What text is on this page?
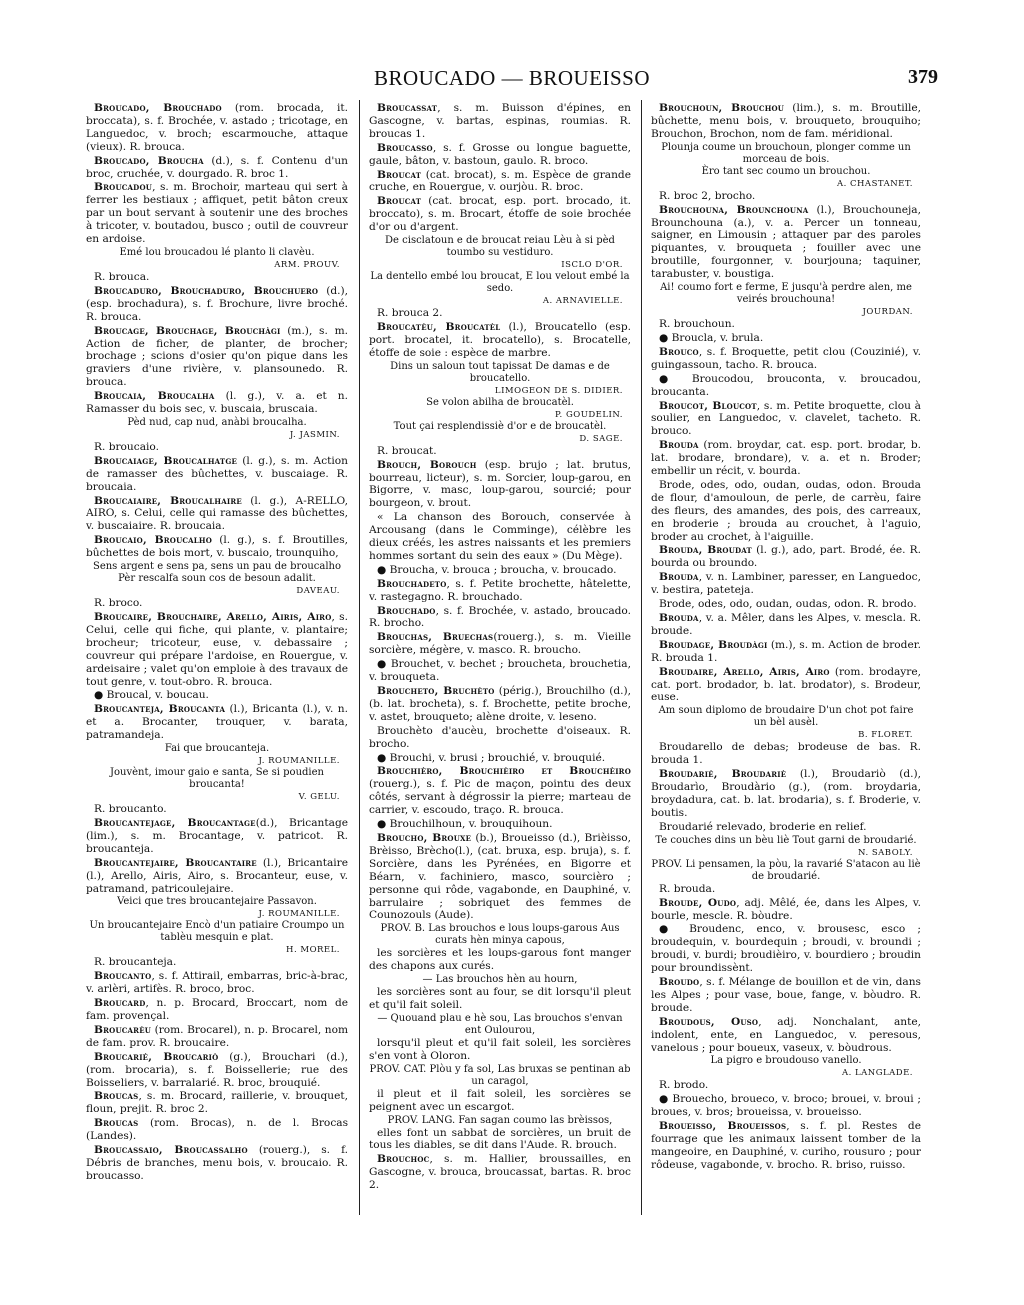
BROUCADO — BROUEISSO	379

Broucado, Brouchado (rom. brocada, it. broccata), s. f. Brochée, v. astado ; tricotage, en Languedoc, v. broch; escarmouche, attaque (vieux). R. brouca.

Broucado, Broucha (d.), s. f. Contenu d'un broc, cruchée, v. dourgado. R. broc 1.

Broucadou, s. m. Brochoir, marteau qui sert à ferrer les bestiaux ; affiquet, petit bâton creux par un bout servant à soutenir une des broches à tricoter, v. boutadou, busco ; outil de couvreur en ardoise.

Emé lou broucadou lé planto li clavèu.
ARM. PROUV.

R. brouca.

Broucaduro, Brouchaduro, Brouchuero (d.), (esp. brochadura), s. f. Brochure, livre broché. R. brouca.

Broucage, Brouchage, Brouchàgi (m.), s. m. Action de ficher, de planter, de brocher; brochage ; scions d'osier qu'on pique dans les graviers d'une rivière, v. plansounedo. R. brouca.

Broucaia, Broucalha (l. g.), v. a. et n. Ramasser du bois sec, v. buscaia, bruscaia.

Pèd nud, cap nud, anàbi broucalha.
J. JASMIN.

R. broucaio.

Broucaiage, Broucalhatge (l. g.), s. m. Action de ramasser des bûchettes, v. buscaiage. R. broucaia.

Broucaiaire, Broucalhaire (l. g.), A-RELLO, AIRO, s. Celui, celle qui ramasse des bûchettes, v. buscaiaire. R. broucaia.

Broucaio, Broucalho (l. g.), s. f. Broutilles, bûchettes de bois mort, v. buscaio, trounquiho,

Sens argent e sens pa, sens un pau de broucalho Pèr rescalfa soun cos de besoun adalit.
DAVEAU.

R. broco.

Broucaire, Brouchaire, Arello, Airis, Airo, s. Celui, celle qui fiche, qui plante, v. plantaire; brocheur; tricoteur, euse, v. debassaire ; couvreur qui prépare l'ardoise, en Rouergue, v. ardeisaire ; valet qu'on emploie à des travaux de tout genre, v. tout-obro. R. brouca.

● Broucal, v. boucau.

Broucanteja, Broucanta (l.), Bricanta (l.), v. n. et a. Brocanter, trouquer, v. barata, patramandeja.

Fai que broucanteja.
J. ROUMANILLE.

Jouvènt, imour gaio e santa, Se si poudien broucanta!
V. GELU.

R. broucanto.

Broucantejage, Broucantage(d.), Bricantage (lim.), s. m. Brocantage, v. patricot. R. broucanteja.

Broucantejaire, Broucantaire (l.), Bricantaire (l.), Arello, Airis, Airo, s. Brocanteur, euse, v. patramand, patricoulejaire.

Veici que tres broucantejaire Passavon.
J. ROUMANILLE.

Un broucantejaire Encò d'un patiaire Croumpo un tablèu mesquin e plat.
H. MOREL.

R. broucanteja.

Broucanto, s. f. Attirail, embarras, bric-à-brac, v. arlèri, artifès. R. broco, broc.

Broucard, n. p. Brocard, Broccart, nom de fam. provençal.

Broucarèu (rom. Brocarel), n. p. Brocarel, nom de fam. prov. R. broucaire.

Broucarié, Broucariò (g.), Brouchari (d.), (rom. brocaria), s. f. Boissellerie; rue des Boisseliers, v. barralarié. R. broc, brouquié.

Broucas, s. m. Brocard, raillerie, v. brouquet, floun, prejit. R. broc 2.

Broucas (rom. Brocas), n. de l. Brocas (Landes).

Broucassaio, Broucassalho (rouerg.), s. f. Débris de branches, menu bois, v. broucaio. R. broucasso.

Broucassat, s. m. Buisson d'épines, en Gascogne, v. bartas, espinas, roumias. R. broucas 1.

Broucasso, s. f. Grosse ou longue baguette, gaule, bâton, v. bastoun, gaulo. R. broco.

Broucat (cat. brocat), s. m. Espèce de grande cruche, en Rouergue, v. ourjòu. R. broc.

Broucat (cat. brocat, esp. port. brocado, it. broccato), s. m. Brocart, étoffe de soie brochée d'or ou d'argent.

De cisclatoun e de broucat reiau Lèu à si pèd toumbo su vestiduro.
ISCLO D'OR.

La dentello embé lou broucat, E lou velout embé la sedo.
A. ARNAVIELLE.

R. brouca 2.

Broucatèu, Broucatèl (l.), Broucatello (esp. port. brocatel, it. brocatello), s. Brocatelle, étoffe de soie : espèce de marbre.

Dins un saloun tout tapissat De damas e de broucatello.
LIMOGEON DE S. DIDIER.

Se volon abilha de broucatèl.
P. GOUDELIN.

Tout çai resplendissiè d'or e de broucatèl.
D. SAGE.

R. broucat.

Brouch, Borouch (esp. brujo ; lat. brutus, bourreau, licteur), s. m. Sorcier, loup-garou, en Bigorre, v. masc, loup-garou, sourcié; pour bourgeon, v. brout.

« La chanson des Borouch, conservée à Arcousang (dans le Comminge), célèbre les dieux créés, les astres naissants et les premiers hommes sortant du sein des eaux » (Du Mège).

● Broucha, v. brouca ; broucha, v. broucado.

Brouchadeto, s. f. Petite brochette, hâtelette, v. rastegagno. R. brouchado.

Brouchado, s. f. Brochée, v. astado, broucado. R. brocho.

Brouchas, Bruechas(rouerg.), s. m. Vieille sorcière, mégère, v. masco. R. broucho.

● Brouchet, v. bechet ; broucheta, brouchetia, v. brouqueta.

Broucheto, Bruchèto (périg.), Brouchilho (d.), (b. lat. brocheta), s. f. Brochette, petite broche, v. astet, brouqueto; alène droite, v. leseno.

Brouchèto d'aucèu, brochette d'oiseaux. R. brocho.

● Brouchi, v. brusi ; brouchié, v. brouquié.

Brouchièro, Brouchièiro et Brouchèiro (rouerg.), s. f. Pic de maçon, pointu des deux côtés, servant à dégrossir la pierre; marteau de carrier, v. escoudo, traço. R. brouca.

● Brouchilhoun, v. brouquihoun.

Broucho, Brouxe (b.), Broueisso (d.), Brièisso, Brèisso, Brècho(l.), (cat. bruxa, esp. bruja), s. f. Sorcière, dans les Pyrénées, en Bigorre et Béarn, v. fachiniero, masco, sourcièro ; personne qui rôde, vagabonde, en Dauphiné, v. barrulaire ; sobriquet des femmes de Counozouls (Aude).

PROV. B. Las brouchos e lous loups-garous Aus curats hèn minya capous,

les sorcières et les loups-garous font manger des chapons aux curés.

— Las brouchos hèn au hourn,

les sorcières sont au four, se dit lorsqu'il pleut et qu'il fait soleil.

— Quouand plau e hè sou, Las brouchos s'envan ent Oulourou,

lorsqu'il pleut et qu'il fait soleil, les sorcières s'en vont à Oloron.

PROV. CAT. Plòu y fa sol, Las bruxas se pentinan ab un caragol,

il pleut et il fait soleil, les sorcières se peignent avec un escargot.

PROV. LANG. Fan sagan coumo las brèissos,

elles font un sabbat de sorcières, un bruit de tous les diables, se dit dans l'Aude. R. brouch.

Brouchoc, s. m. Hallier, broussailles, en Gascogne, v. brouca, broucassat, bartas. R. broc 2.

Brouchoun, Brouchou (lim.), s. m. Broutille, bûchette, menu bois, v. brouqueto, brouquiho; Brouchon, Brochon, nom de fam. méridional.

Plounja coume un brouchoun, plonger comme un morceau de bois.

Èro tant sec coumo un brouchou.
A. CHASTANET.

R. broc 2, brocho.

Brouchouna, Brounchouna (l.), Brouchouneja, Brounchouna (a.), v. a. Percer un tonneau, saigner, en Limousin ; attaquer par des paroles piquantes, v. brouqueta ; fouiller avec une broutille, fourgonner, v. bourjouna; taquiner, tarabuster, v. boustiga.

Ai! coumo fort e ferme, E jusqu'à perdre alen, me veirés brouchouna!
JOURDAN.

R. brouchoun.

● Broucla, v. brula.

Brouco, s. f. Broquette, petit clou (Couzinié), v. guingassoun, tacho. R. brouca.

● Broucodou, brouconta, v. broucadou, broucanta.

Broucot, Bloucot, s. m. Petite broquette, clou à soulier, en Languedoc, v. clavelet, tacheto. R. brouco.

Brouda (rom. broydar, cat. esp. port. brodar, b. lat. brodare, brondare), v. a. et n. Broder; embellir un récit, v. bourda.

Brode, odes, odo, oudan, oudas, odon. Brouda de flour, d'amouloun, de perle, de carrèu, faire des fleurs, des amandes, des pois, des carreaux, en broderie ; brouda au crouchet, à l'aguio, broder au crochet, à l'aiguille.

Brouda, Broudat (l. g.), ado, part. Brodé, ée. R. bourda ou broundo.

Brouda, v. n. Lambiner, paresser, en Languedoc, v. bestira, pateteja.

Brode, odes, odo, oudan, oudas, odon. R. brodo.

Brouda, v. a. Mêler, dans les Alpes, v. mescla. R. broude.

Broudage, Broudàgi (m.), s. m. Action de broder. R. brouda 1.

Broudaire, Arello, Airis, Airo (rom. brodayre, cat. port. brodador, b. lat. brodator), s. Brodeur, euse.

Am soun diplomo de broudaire D'un chot pot faire un bèl ausèl.
B. FLORET.

Broudarello de debas; brodeuse de bas. R. brouda 1.

Broudarié, Broudariè (l.), Broudariò (d.), Broudarìo, Broudàrio (g.), (rom. broydaria, broydadura, cat. b. lat. brodaria), s. f. Broderie, v. boutis.

Broudarié relevado, broderie en relief.

Te couches dins un bèu liè Tout garni de broudarié.
N. SABOLY.

PROV. Li pensamen, la pòu, la ravarié S'atacon au liè de broudarié.

R. brouda.

Broude, Oudo, adj. Mêlé, ée, dans les Alpes, v. bourle, mescle. R. bòudre.

● Broudenc, enco, v. brousesc, esco ; broudequin, v. bourdequin ; broudi, v. broundi ; broudi, v. burdi; broudièiro, v. bourdiero ; broudin pour broundissènt.

Broudo, s. f. Mélange de bouillon et de vin, dans les Alpes ; pour vase, boue, fange, v. bòudro. R. broude.

Broudous, Ouso, adj. Nonchalant, ante, indolent, ente, en Languedoc, v. peresous, vanelous ; pour boueux, vaseux, v. bòudrous.

La pigro e broudouso vanello.
A. LANGLADE.

R. brodo.

● Brouecho, broueco, v. broco; brouei, v. broui ; broues, v. bros; brouei̇ssa, v. broueisso.

Broueisso, Broueissos, s. f. pl. Restes de fourrage que les animaux laissent tomber de la mangeoire, en Dauphiné, v. curiho, rousuro ; pour rôdeuse, vagabonde, v. brocho. R. briso, ruisso.
